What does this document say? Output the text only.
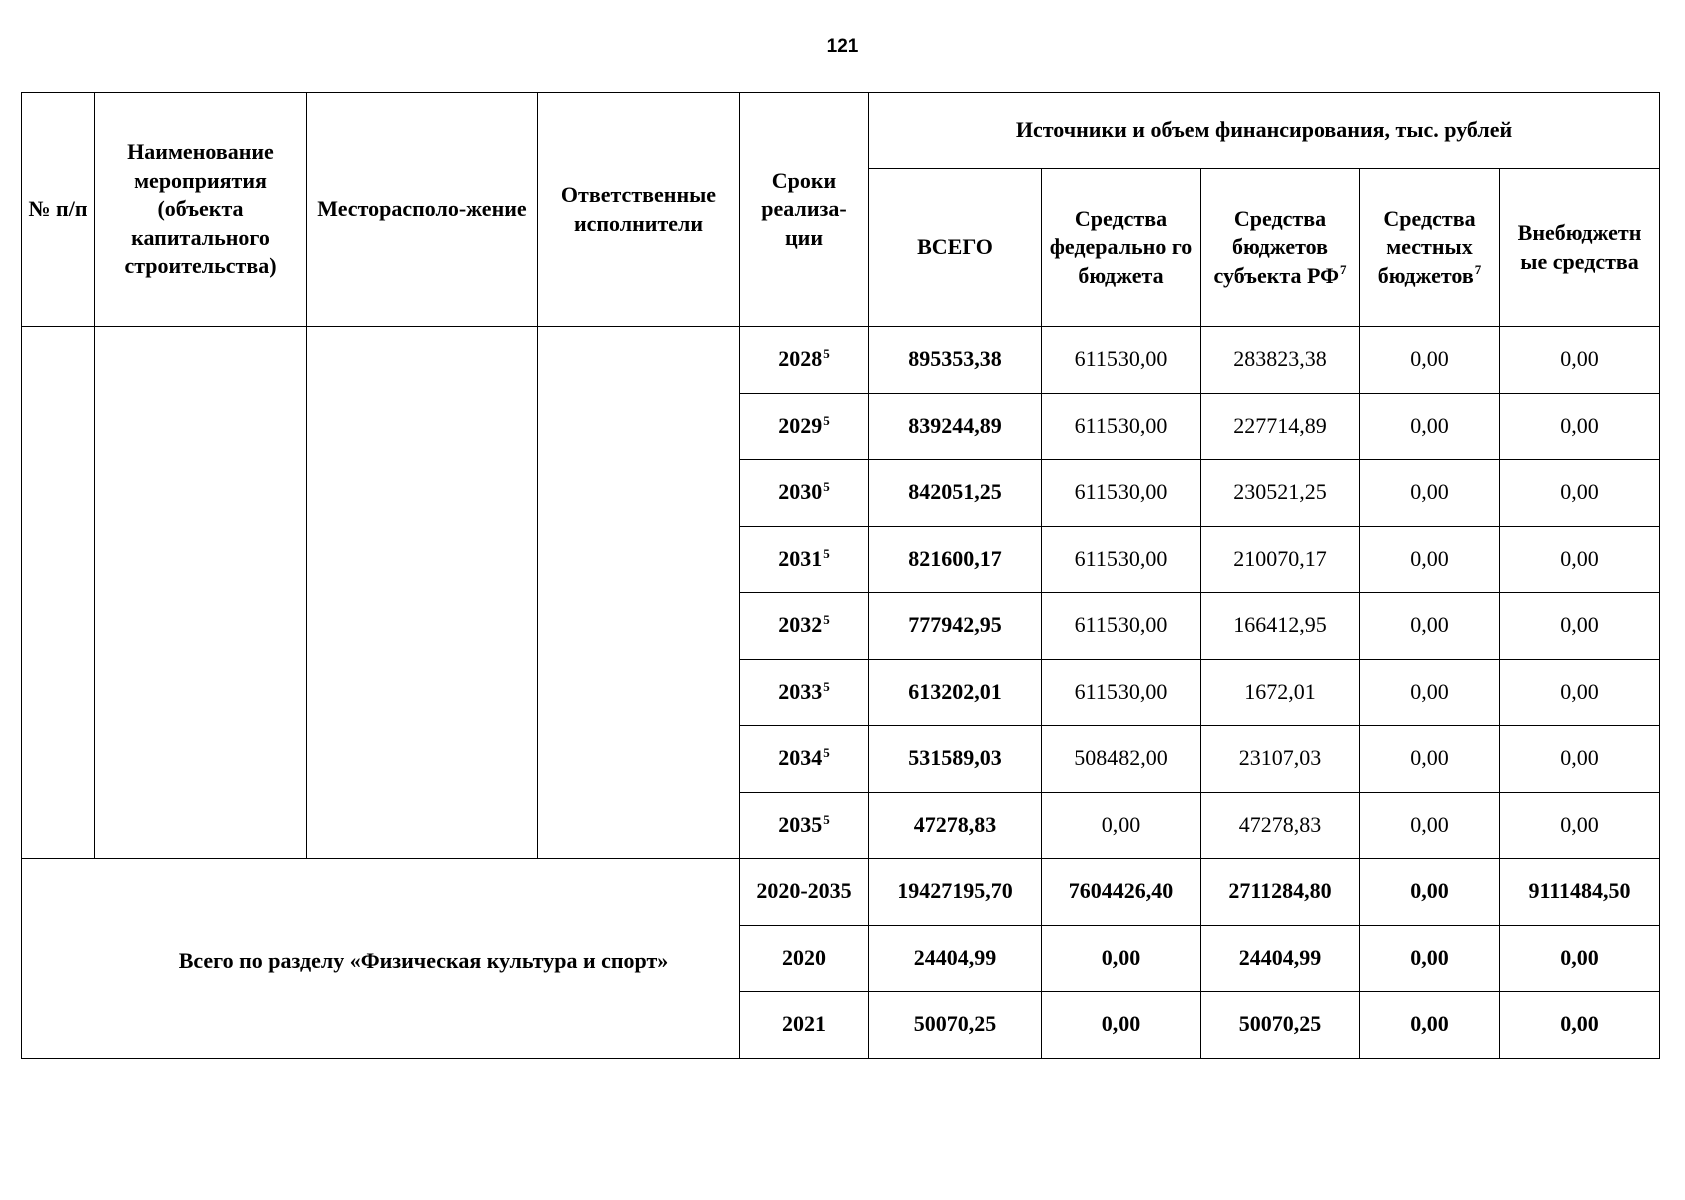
121
№ п/п	Наименование мероприятия (объекта капитального строительства)	Месторасполо-жение	Ответственные исполнители	Сроки реализа-ции	Источники и объем финансирования, тыс. рублей				
					ВСЕГО	Средства федерально го бюджета	Средства бюджетов субъекта $РФ^7$	Средства местных бюджетов$^7$	Внебюджетн ые средства
				2028$^5$	895353,38	611530,00	283823,38	0,00	0,00
				2029$^5$	839244,89	611530,00	227714,89	0,00	0,00
				2030$^5$	842051,25	611530,00	230521,25	0,00	0,00
				2031$^5$	821600,17	611530,00	210070,17	0,00	0,00
				2032$^5$	777942,95	611530,00	166412,95	0,00	0,00
				2033$^5$	613202,01	611530,00	1672,01	0,00	0,00
				2034$^5$	531589,03	508482,00	23107,03	0,00	0,00
				2035$^5$	47278,83	0,00	47278,83	0,00	0,00
Всего по разделу «Физическая культура и спорт»				2020-2035	19427195,70	7604426,40	2711284,80	0,00	9111484,50
				2020	24404,99	0,00	24404,99	0,00	0,00
				2021	50070,25	0,00	50070,25	0,00	0,00
